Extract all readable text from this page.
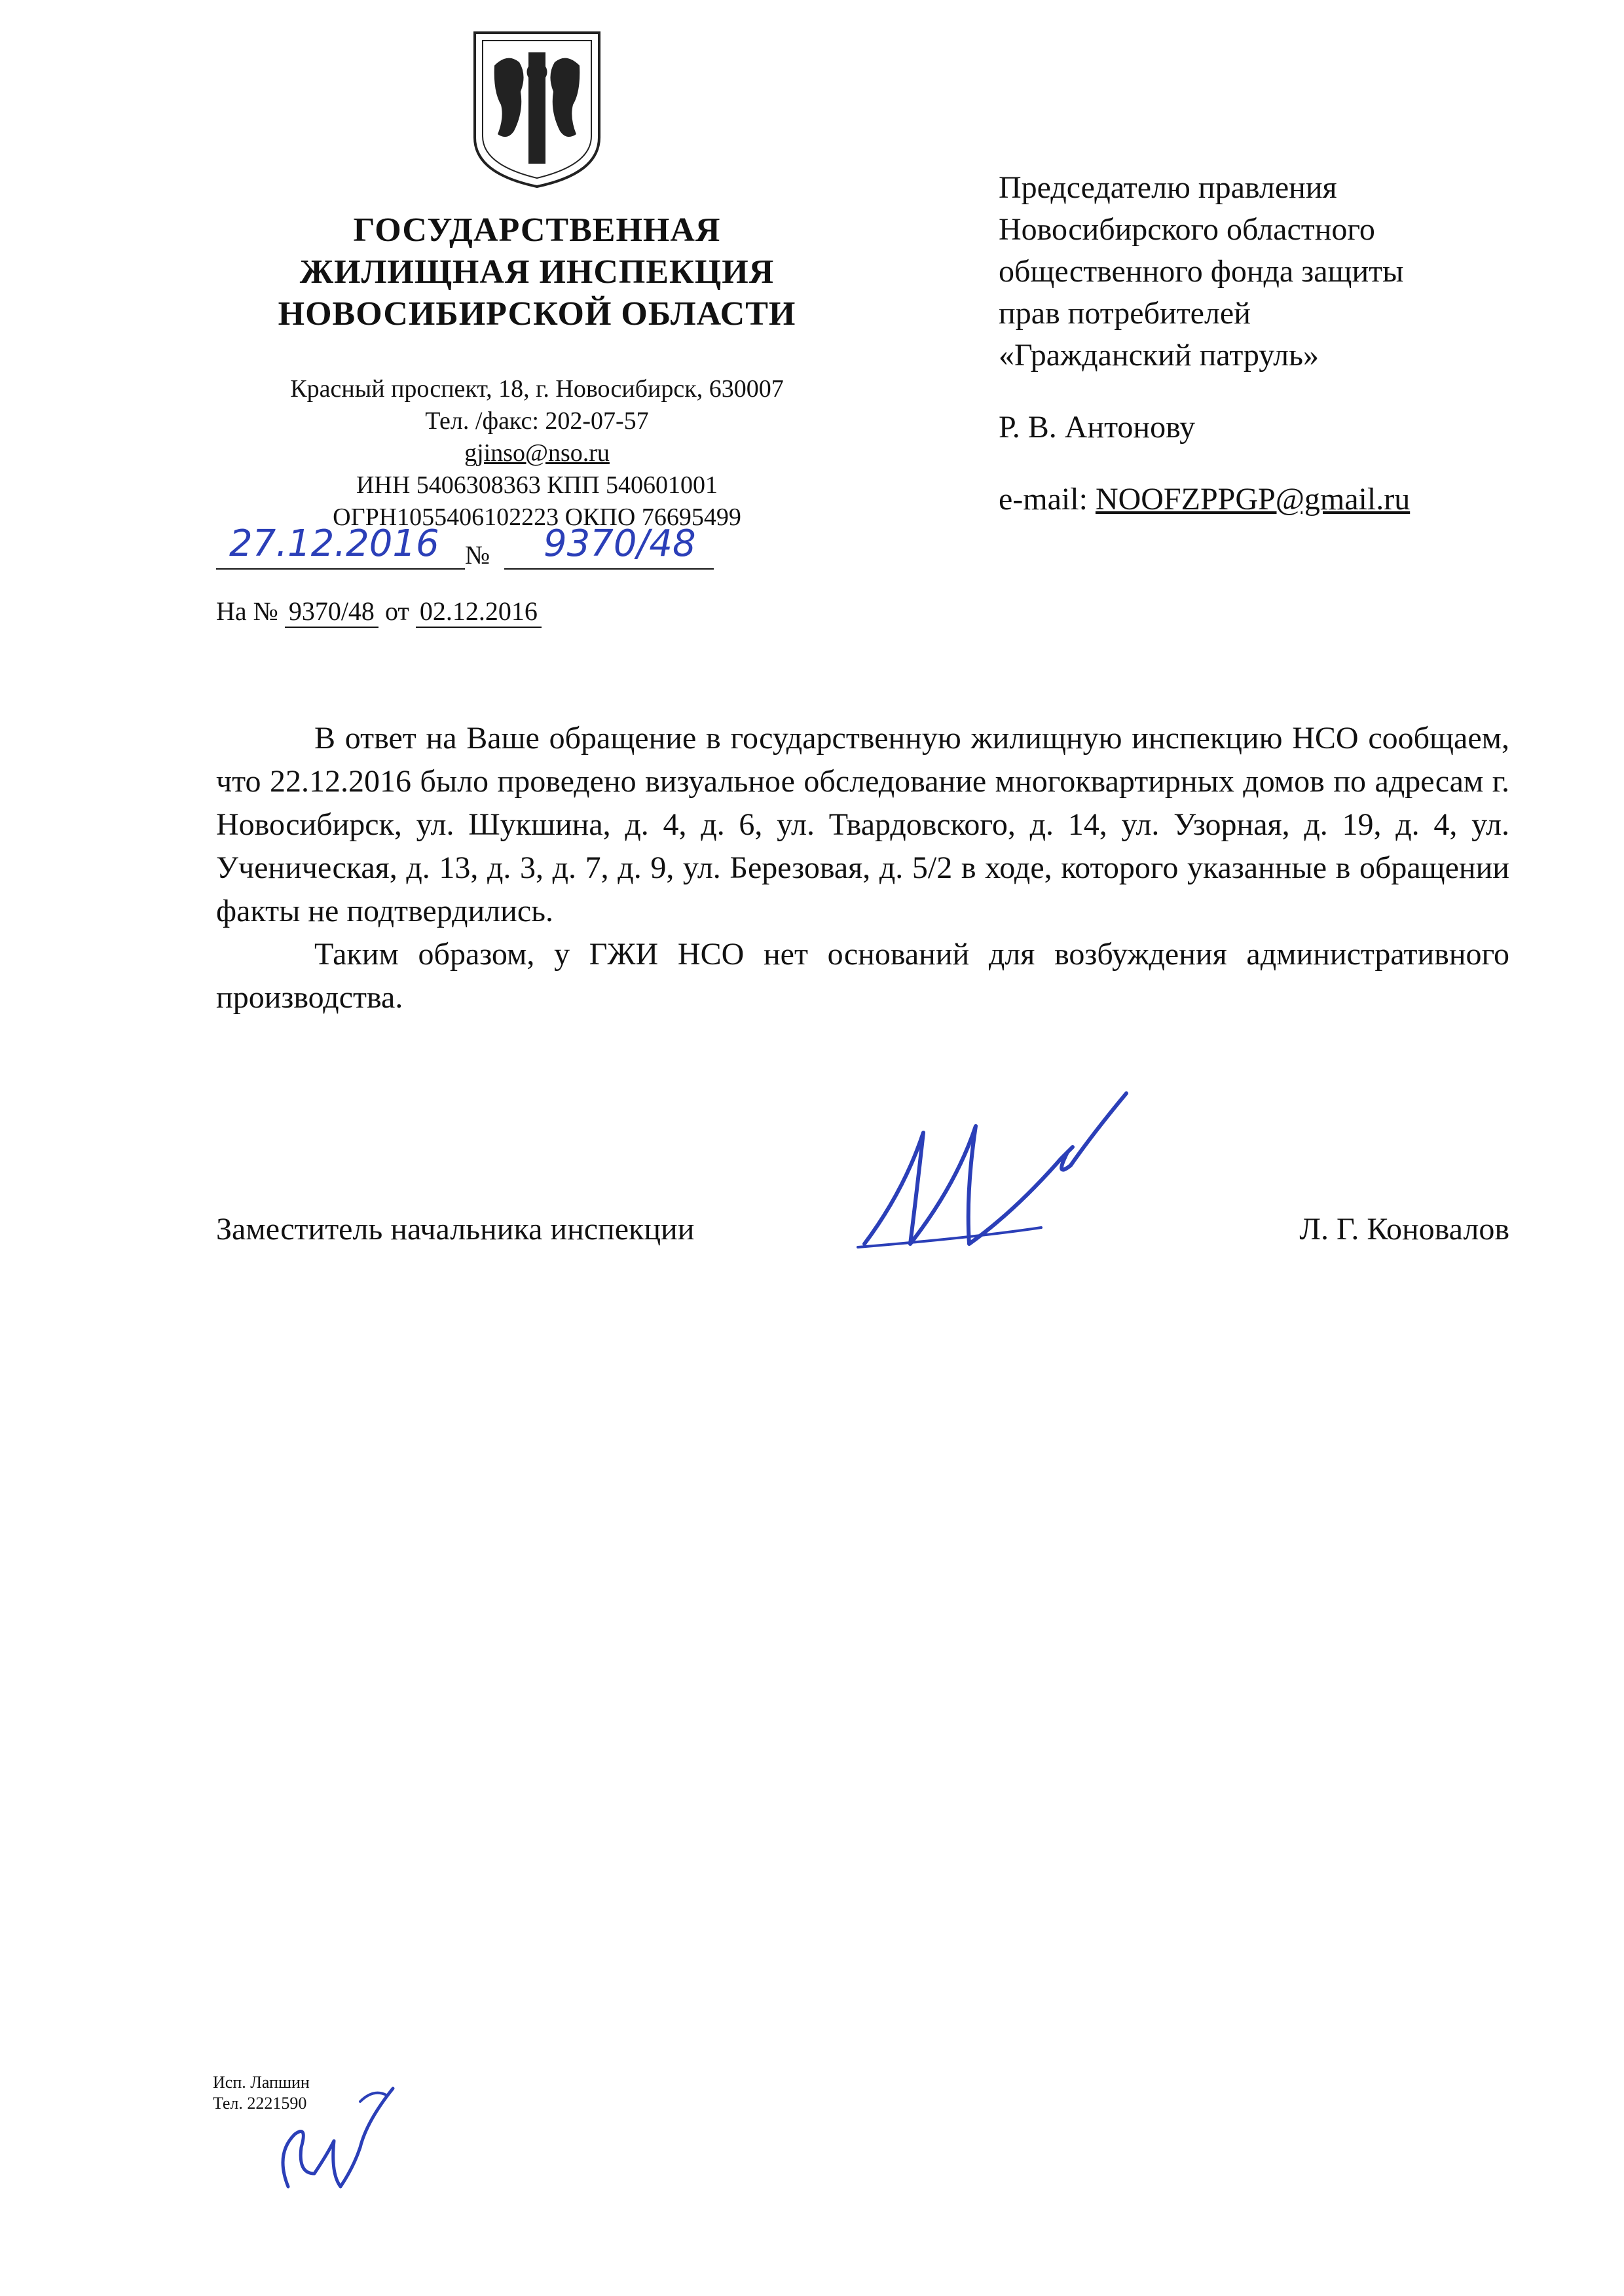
ГОСУДАРСТВЕННАЯ
ЖИЛИЩНАЯ ИНСПЕКЦИЯ
НОВОСИБИРСКОЙ ОБЛАСТИ
Красный проспект, 18, г. Новосибирск, 630007
Тел. /факс: 202-07-57
gjinso@nso.ru
ИНН 5406308363 КПП 540601001
ОГРН1055406102223 ОКПО 76695499
27.12.2016 № 9370/48
На № 9370/48 от 02.12.2016
Председателю правления
Новосибирского областного
общественного фонда защиты
прав потребителей
«Гражданский патруль»
Р. В. Антонову
e-mail: NOOFZPPGP@gmail.ru

В ответ на Ваше обращение в государственную жилищную инспекцию НСО сообщаем, что 22.12.2016 было проведено визуальное обследование многоквартирных домов по адресам г. Новосибирск, ул. Шукшина, д. 4, д. 6, ул. Твардовского, д. 14, ул. Узорная, д. 19, д. 4, ул. Ученическая, д. 13, д. 3, д. 7, д. 9, ул. Березовая, д. 5/2 в ходе, которого указанные в обращении факты не подтвердились.

Таким образом, у ГЖИ НСО нет оснований для возбуждения административного производства.

Заместитель начальника инспекции	Л. Г. Коновалов
Исп. Лапшин
Тел. 2221590
